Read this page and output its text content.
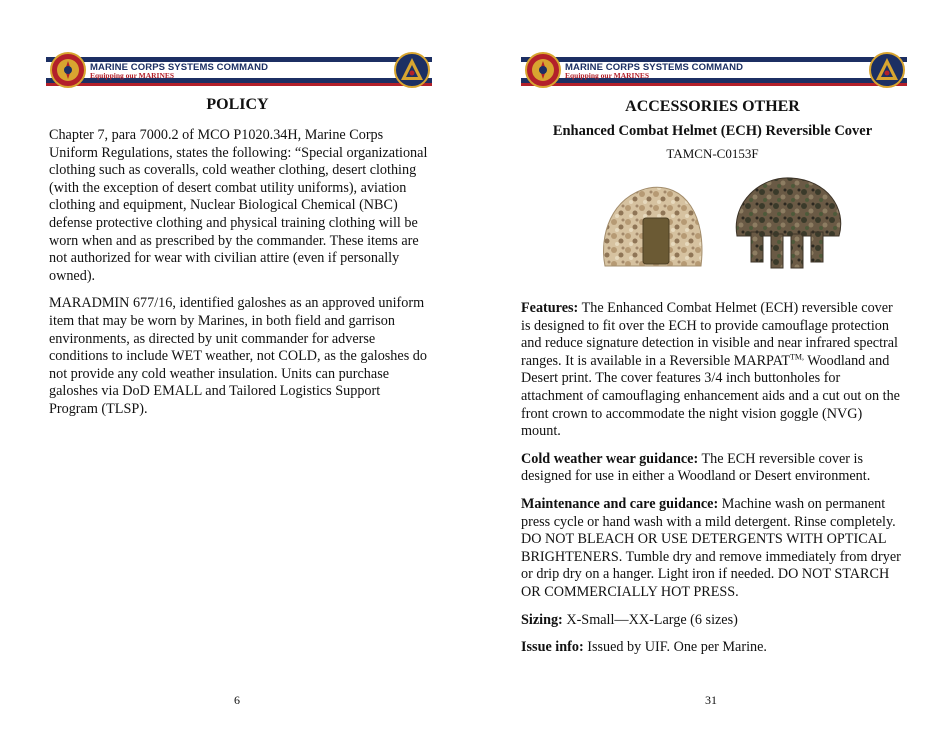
MARINE CORPS SYSTEMS COMMAND
Equipping our MARINES
POLICY

Chapter 7, para 7000.2 of MCO P1020.34H, Marine Corps Uniform Regulations, states the following: “Special organizational clothing such as coveralls, cold weather clothing, desert clothing (with the exception of desert combat utility uniforms), aviation clothing and equipment, Nuclear Biological Chemical (NBC) defense protective clothing and physical training clothing will be worn when and as prescribed by the commander. These items are not authorized for wear with civilian attire (even if personally owned).

MARADMIN 677/16, identified galoshes as an approved uniform item that may be worn by Marines, in both field and garrison environments, as directed by unit commander for adverse conditions to include WET weather, not COLD, as the galoshes do not provide any cold weather insulation. Units can purchase galoshes via DoD EMALL and Tailored Logistics Support Program (TLSP).

6
MARINE CORPS SYSTEMS COMMAND
Equipping our MARINES
ACCESSORIES OTHER
Enhanced Combat Helmet (ECH) Reversible Cover
TAMCN-C0153F

Features: The Enhanced Combat Helmet (ECH) reversible cover is designed to fit over the ECH to provide camouflage protection and reduce signature detection in visible and near infrared spectral ranges. It is available in a Reversible $MARPAT^{TM,}$ Woodland and Desert print. The cover features 3/4 inch buttonholes for attachment of camouflaging enhancement aids and a cut out on the front crown to accommodate the night vision goggle (NVG) mount.

Cold weather wear guidance: The ECH reversible cover is designed for use in either a Woodland or Desert environment.

Maintenance and care guidance: Machine wash on permanent press cycle or hand wash with a mild detergent. Rinse completely. DO NOT BLEACH OR USE DETERGENTS WITH OPTICAL BRIGHTENERS. Tumble dry and remove immediately from dryer or drip dry on a hanger. Light iron if needed. DO NOT STARCH OR COMMERCIALLY HOT PRESS.

Sizing: X-Small—XX-Large (6 sizes)

Issue info: Issued by UIF. One per Marine.

31
